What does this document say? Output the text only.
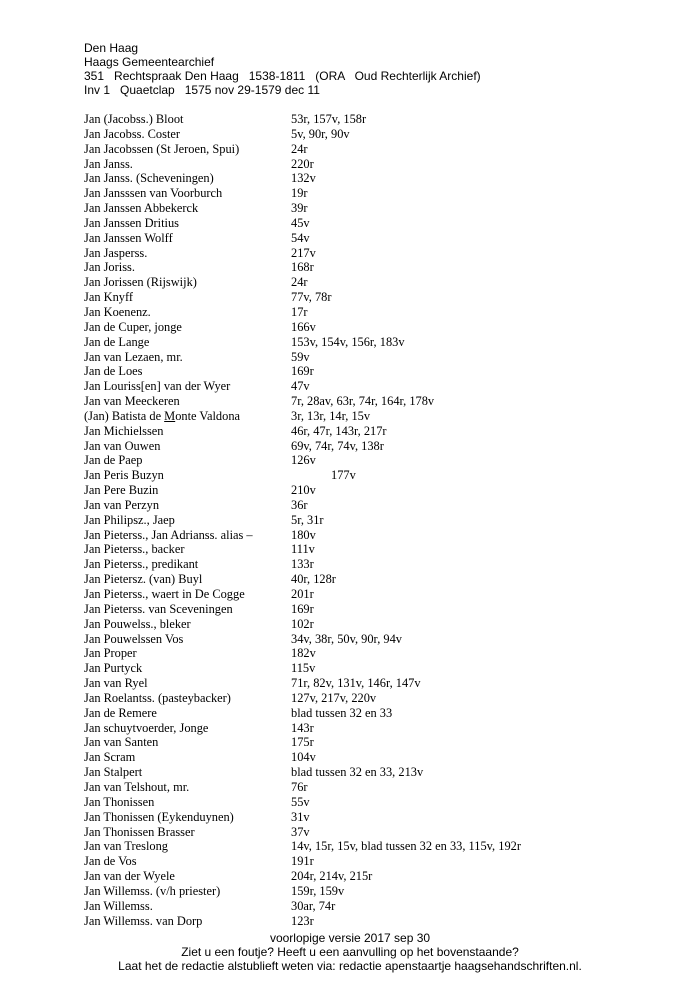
Den Haag
Haags Gemeentearchief
351   Rechtspraak Den Haag   1538-1811   (ORA   Oud Rechterlijk Archief)
Inv 1   Quaetclap   1575 nov 29-1579 dec 11
Jan (Jacobss.) Bloot	53r, 157v, 158r
Jan Jacobss. Coster	5v, 90r, 90v
Jan Jacobssen (St Jeroen, Spui)	24r
Jan Janss.	220r
Jan Janss. (Scheveningen)	132v
Jan Jansssen van Voorburch	19r
Jan Janssen Abbekerck	39r
Jan Janssen Dritius	45v
Jan Janssen Wolff	54v
Jan Jasperss.	217v
Jan Joriss.	168r
Jan Jorissen (Rijswijk)	24r
Jan Knyff	77v, 78r
Jan Koenenz.	17r
Jan de Cuper, jonge	166v
Jan de Lange	153v, 154v, 156r, 183v
Jan van Lezaen, mr.	59v
Jan de Loes	169r
Jan Louriss[en] van der Wyer	47v
Jan van Meeckeren	7r, 28av, 63r, 74r, 164r, 178v
(Jan) Batista de Monte Valdona	3r, 13r, 14r, 15v
Jan Michielssen	46r, 47r, 143r, 217r
Jan van Ouwen	69v, 74r, 74v, 138r
Jan de Paep	126v
Jan Peris Buzyn	177v
Jan Pere Buzin	210v
Jan van Perzyn	36r
Jan Philipsz., Jaep	5r, 31r
Jan Pieterss., Jan Adrianss. alias –	180v
Jan Pieterss., backer	111v
Jan Pieterss., predikant	133r
Jan Pietersz. (van) Buyl	40r, 128r
Jan Pieterss., waert in De Cogge	201r
Jan Pieterss. van Sceveningen	169r
Jan Pouwelss., bleker	102r
Jan Pouwelssen Vos	34v, 38r, 50v, 90r, 94v
Jan Proper	182v
Jan Purtyck	115v
Jan van Ryel	71r, 82v, 131v, 146r, 147v
Jan Roelantss. (pasteybacker)	127v, 217v, 220v
Jan de Remere	blad tussen 32 en 33
Jan schuytvoerder, Jonge	143r
Jan van Santen	175r
Jan Scram	104v
Jan Stalpert	blad tussen 32 en 33, 213v
Jan van Telshout, mr.	76r
Jan Thonissen	55v
Jan Thonissen (Eykenduynen)	31v
Jan Thonissen Brasser	37v
Jan van Treslong	14v, 15r, 15v, blad tussen 32 en 33, 115v, 192r
Jan de Vos	191r
Jan van der Wyele	204r, 214v, 215r
Jan Willemss. (v/h priester)	159r, 159v
Jan Willemss.	30ar, 74r
Jan Willemss. van Dorp	123r
voorlopige versie 2017 sep 30
Ziet u een foutje? Heeft u een aanvulling op het bovenstaande?
Laat het de redactie alstublieft weten via: redactie apenstaartje haagsehandschriften.nl.
